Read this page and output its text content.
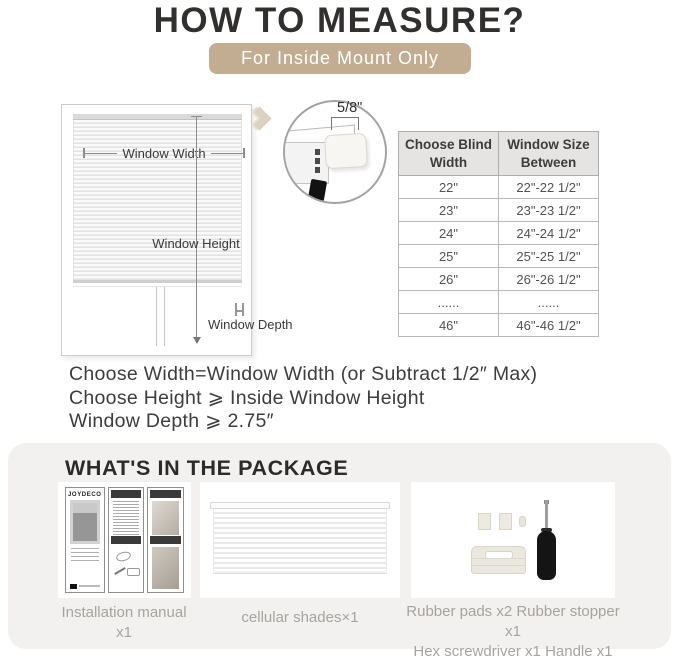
HOW TO MEASURE?
For Inside Mount Only
Window Width
Window Height
Window Depth
5/8"
Choose Blind Width	Window Size Between
22"	22"-22 1/2"
23"	23"-23 1/2"
24"	24"-24 1/2"
25"	25"-25 1/2"
26"	26"-26 1/2"
......	......
46"	46"-46 1/2"
Choose Width=Window Width (or Subtract 1/2″ Max)
Choose Height ⩾ Inside Window Height
Window Depth ⩾ 2.75″
WHAT'S IN THE PACKAGE
JOYDECO
Installation manual x1
cellular shades×1	Rubber pads x2 Rubber stopper x1
Hex screwdriver x1 Handle x1
